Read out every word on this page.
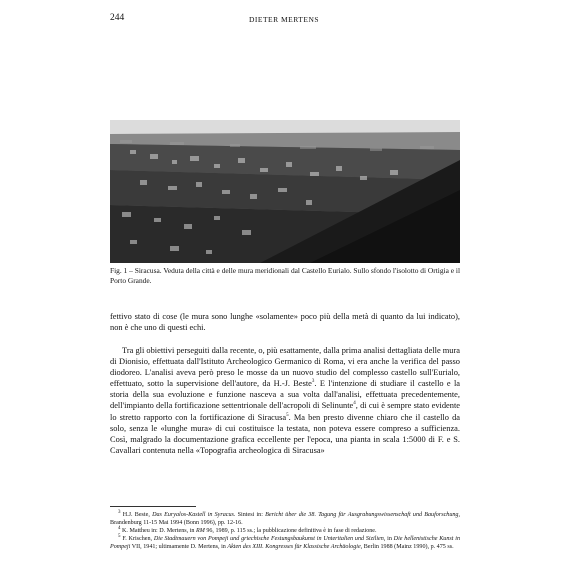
244	DIETER MERTENS
Fig. 1 – Siracusa. Veduta della città e delle mura meridionali dal Castello Eurialo. Sullo sfondo l'isolotto di Ortigia e il Porto Grande.
fettivo stato di cose (le mura sono lunghe «solamente» poco più della metà di quanto da lui indicato), non è che uno di questi echi.
Tra gli obiettivi perseguiti dalla recente, o, più esattamente, dalla prima analisi dettagliata delle mura di Dionisio, effettuata dall'Istituto Archeologico Germanico di Roma, vi era anche la verifica del passo diodoreo. L'analisi aveva però preso le mosse da un nuovo studio del complesso castello sull'Eurialo, effettuato, sotto la supervisione dell'autore, da H.-J. Beste$^3$. E l'intenzione di studiare il castello e la storia della sua evoluzione e funzione nasceva a sua volta dall'analisi, effettuata precedentemente, dell'impianto della fortificazione settentrionale dell'acropoli di Selinunte$^4$, di cui è sempre stato evidente lo stretto rapporto con la fortificazione di Siracusa$^5$. Ma ben presto divenne chiaro che il castello da solo, senza le «lunghe mura» di cui costituisce la testata, non poteva essere compreso a sufficienza. Così, malgrado la documentazione grafica eccellente per l'epoca, una pianta in scala 1:5000 di F. e S. Cavallari contenuta nella «Topografia archeologica di Siracusa»
$^3$ H.J. Beste, Das Euryalos-Kastell in Syracus. Sintesi in: Bericht über die 38. Tagung für Ausgrabungswissenschaft und Bauforschung, Brandenburg 11-15 Mai 1994 (Bonn 1996), pp. 12-16.
$^4$ K. Mattheu in: D. Mertens, in RM 96, 1989, p. 115 ss.; la pubblicazione definitiva è in fase di redazione.
$^5$ F. Krischen, Die Stadtmauern von Pompeji und griechische Festungsbaukunst in Unteritalien und Sizilien, in Die hellenistische Kunst in Pompeji VII, 1941; ultimamente D. Mertens, in Akten des XIII. Kongresses für Klassische Archäologie, Berlin 1988 (Mainz 1990), p. 475 ss.
